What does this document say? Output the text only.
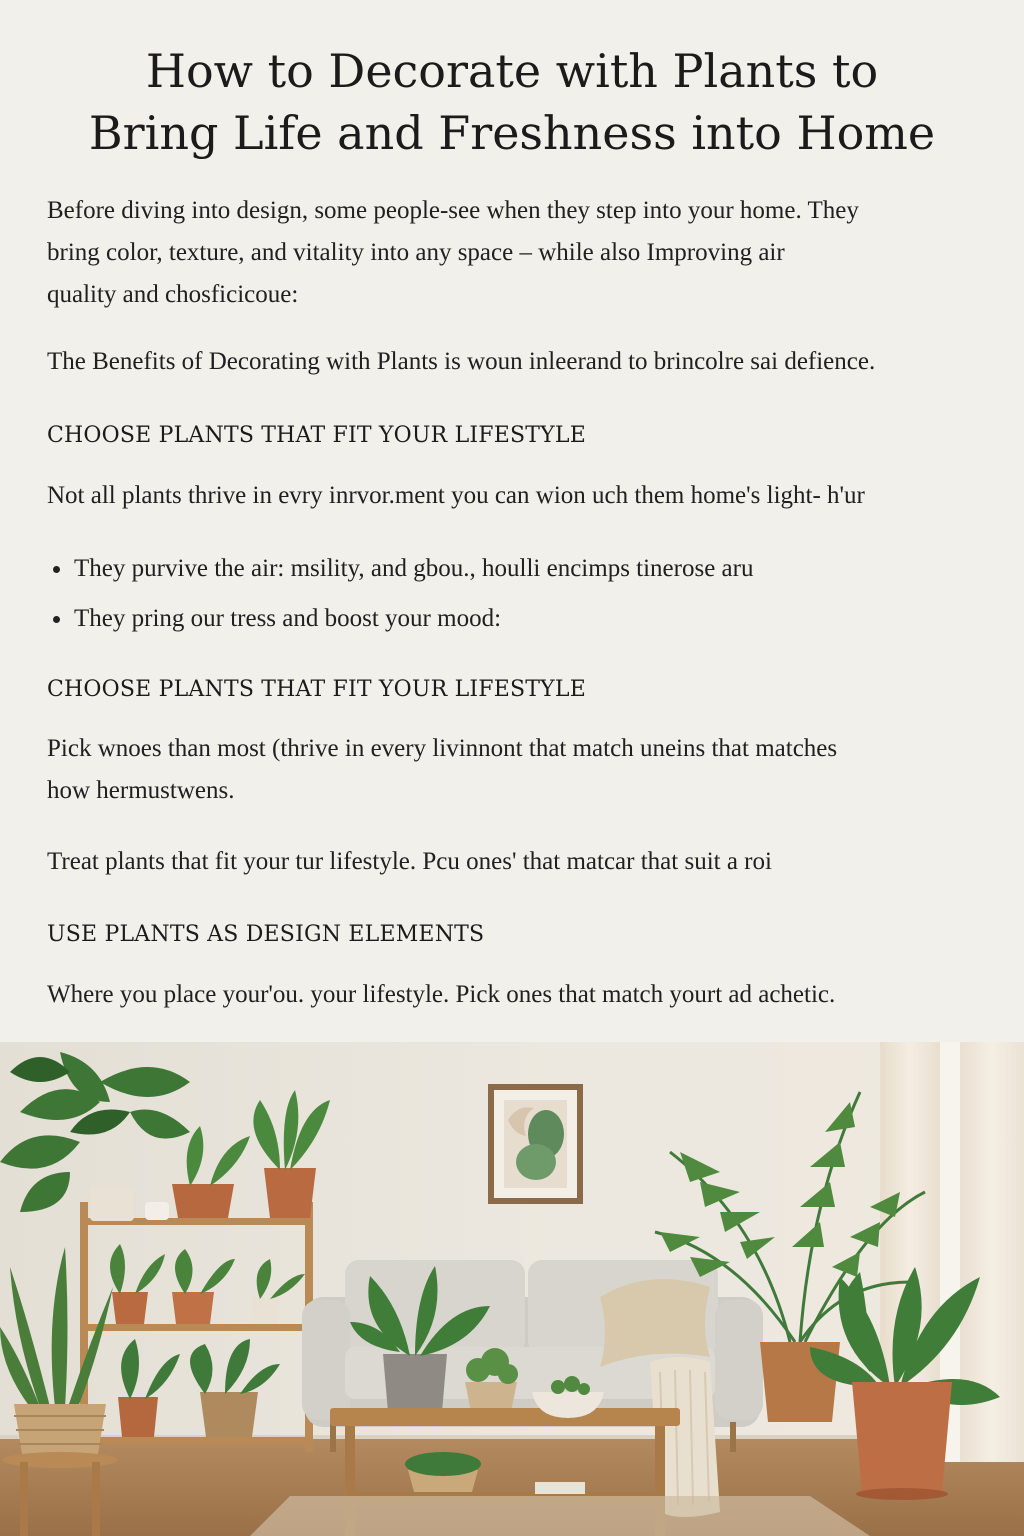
How to Decorate with Plants to
Bring Life and Freshness into Home

Before diving into design, some people-see when they step into your home. They
bring color, texture, and vitality into any space – while also Improving air
quality and chosficicoue:

The Benefits of Decorating with Plants is woun inleerand to brincolre sai defience.

CHOOSE PLANTS THAT FIT YOUR LIFESTYLE

Not all plants thrive in evry inrvor.ment you can wion uch them home's light- h'ur

They purvive the air: msility, and gbou., houlli encimps tinerose aru
They pring our tress and boost your mood:
CHOOSE PLANTS THAT FIT YOUR LIFESTYLE

Pick wnoes than most (thrive in every livinnont that match uneins that matches
how hermustwens.

Treat plants that fit your tur lifestyle. Pcu ones' that matcar that suit a roi

USE PLANTS AS DESIGN ELEMENTS

Where you place your'ou. your lifestyle. Pick ones that match yourt ad achetic.
